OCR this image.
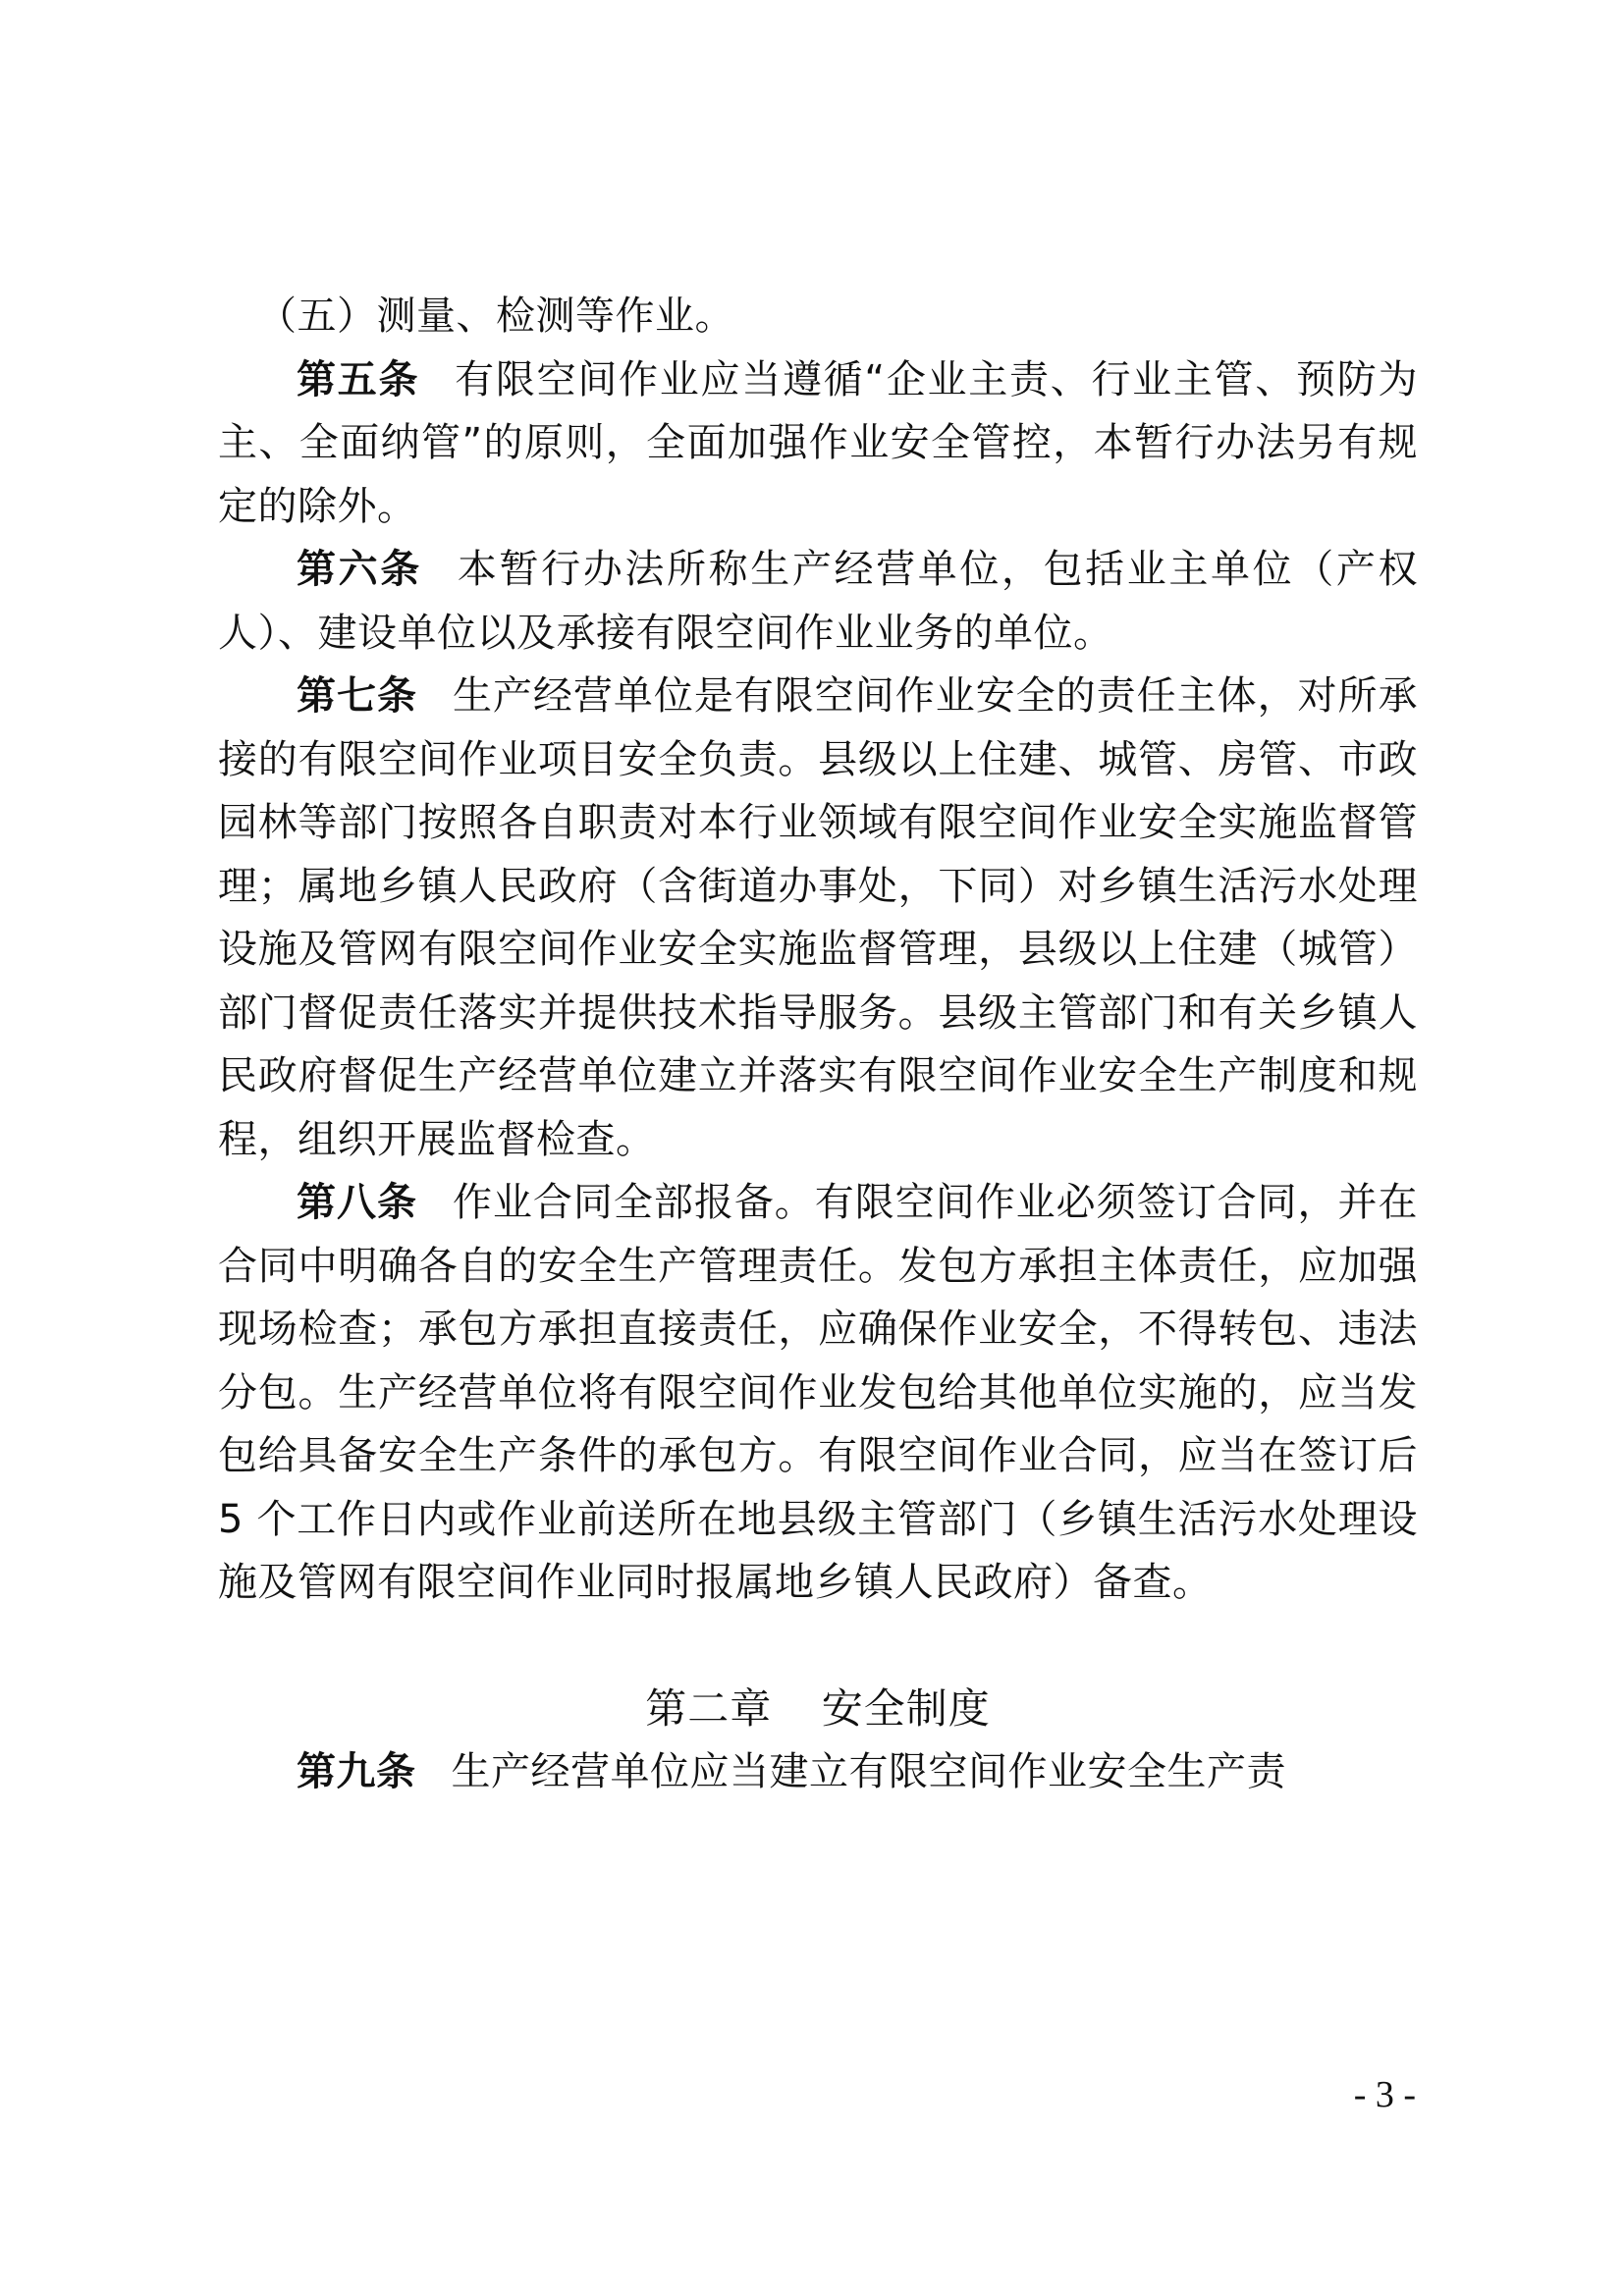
（五）测量、检测等作业。

第五条 有限空间作业应当遵循“企业主责、行业主管、预防为主、全面纳管”的原则，全面加强作业安全管控，本暂行办法另有规定的除外。

第六条 本暂行办法所称生产经营单位，包括业主单位（产权人）、建设单位以及承接有限空间作业业务的单位。

第七条 生产经营单位是有限空间作业安全的责任主体，对所承接的有限空间作业项目安全负责。县级以上住建、城管、房管、市政园林等部门按照各自职责对本行业领域有限空间作业安全实施监督管理；属地乡镇人民政府（含街道办事处，下同）对乡镇生活污水处理设施及管网有限空间作业安全实施监督管理，县级以上住建（城管）部门督促责任落实并提供技术指导服务。县级主管部门和有关乡镇人民政府督促生产经营单位建立并落实有限空间作业安全生产制度和规程，组织开展监督检查。

第八条 作业合同全部报备。有限空间作业必须签订合同，并在合同中明确各自的安全生产管理责任。发包方承担主体责任，应加强现场检查；承包方承担直接责任，应确保作业安全，不得转包、违法分包。生产经营单位将有限空间作业发包给其他单位实施的，应当发包给具备安全生产条件的承包方。有限空间作业合同，应当在签订后 5 个工作日内或作业前送所在地县级主管部门（乡镇生活污水处理设施及管网有限空间作业同时报属地乡镇人民政府）备查。

第二章 安全制度

第九条 生产经营单位应当建立有限空间作业安全生产责

- 3 -
